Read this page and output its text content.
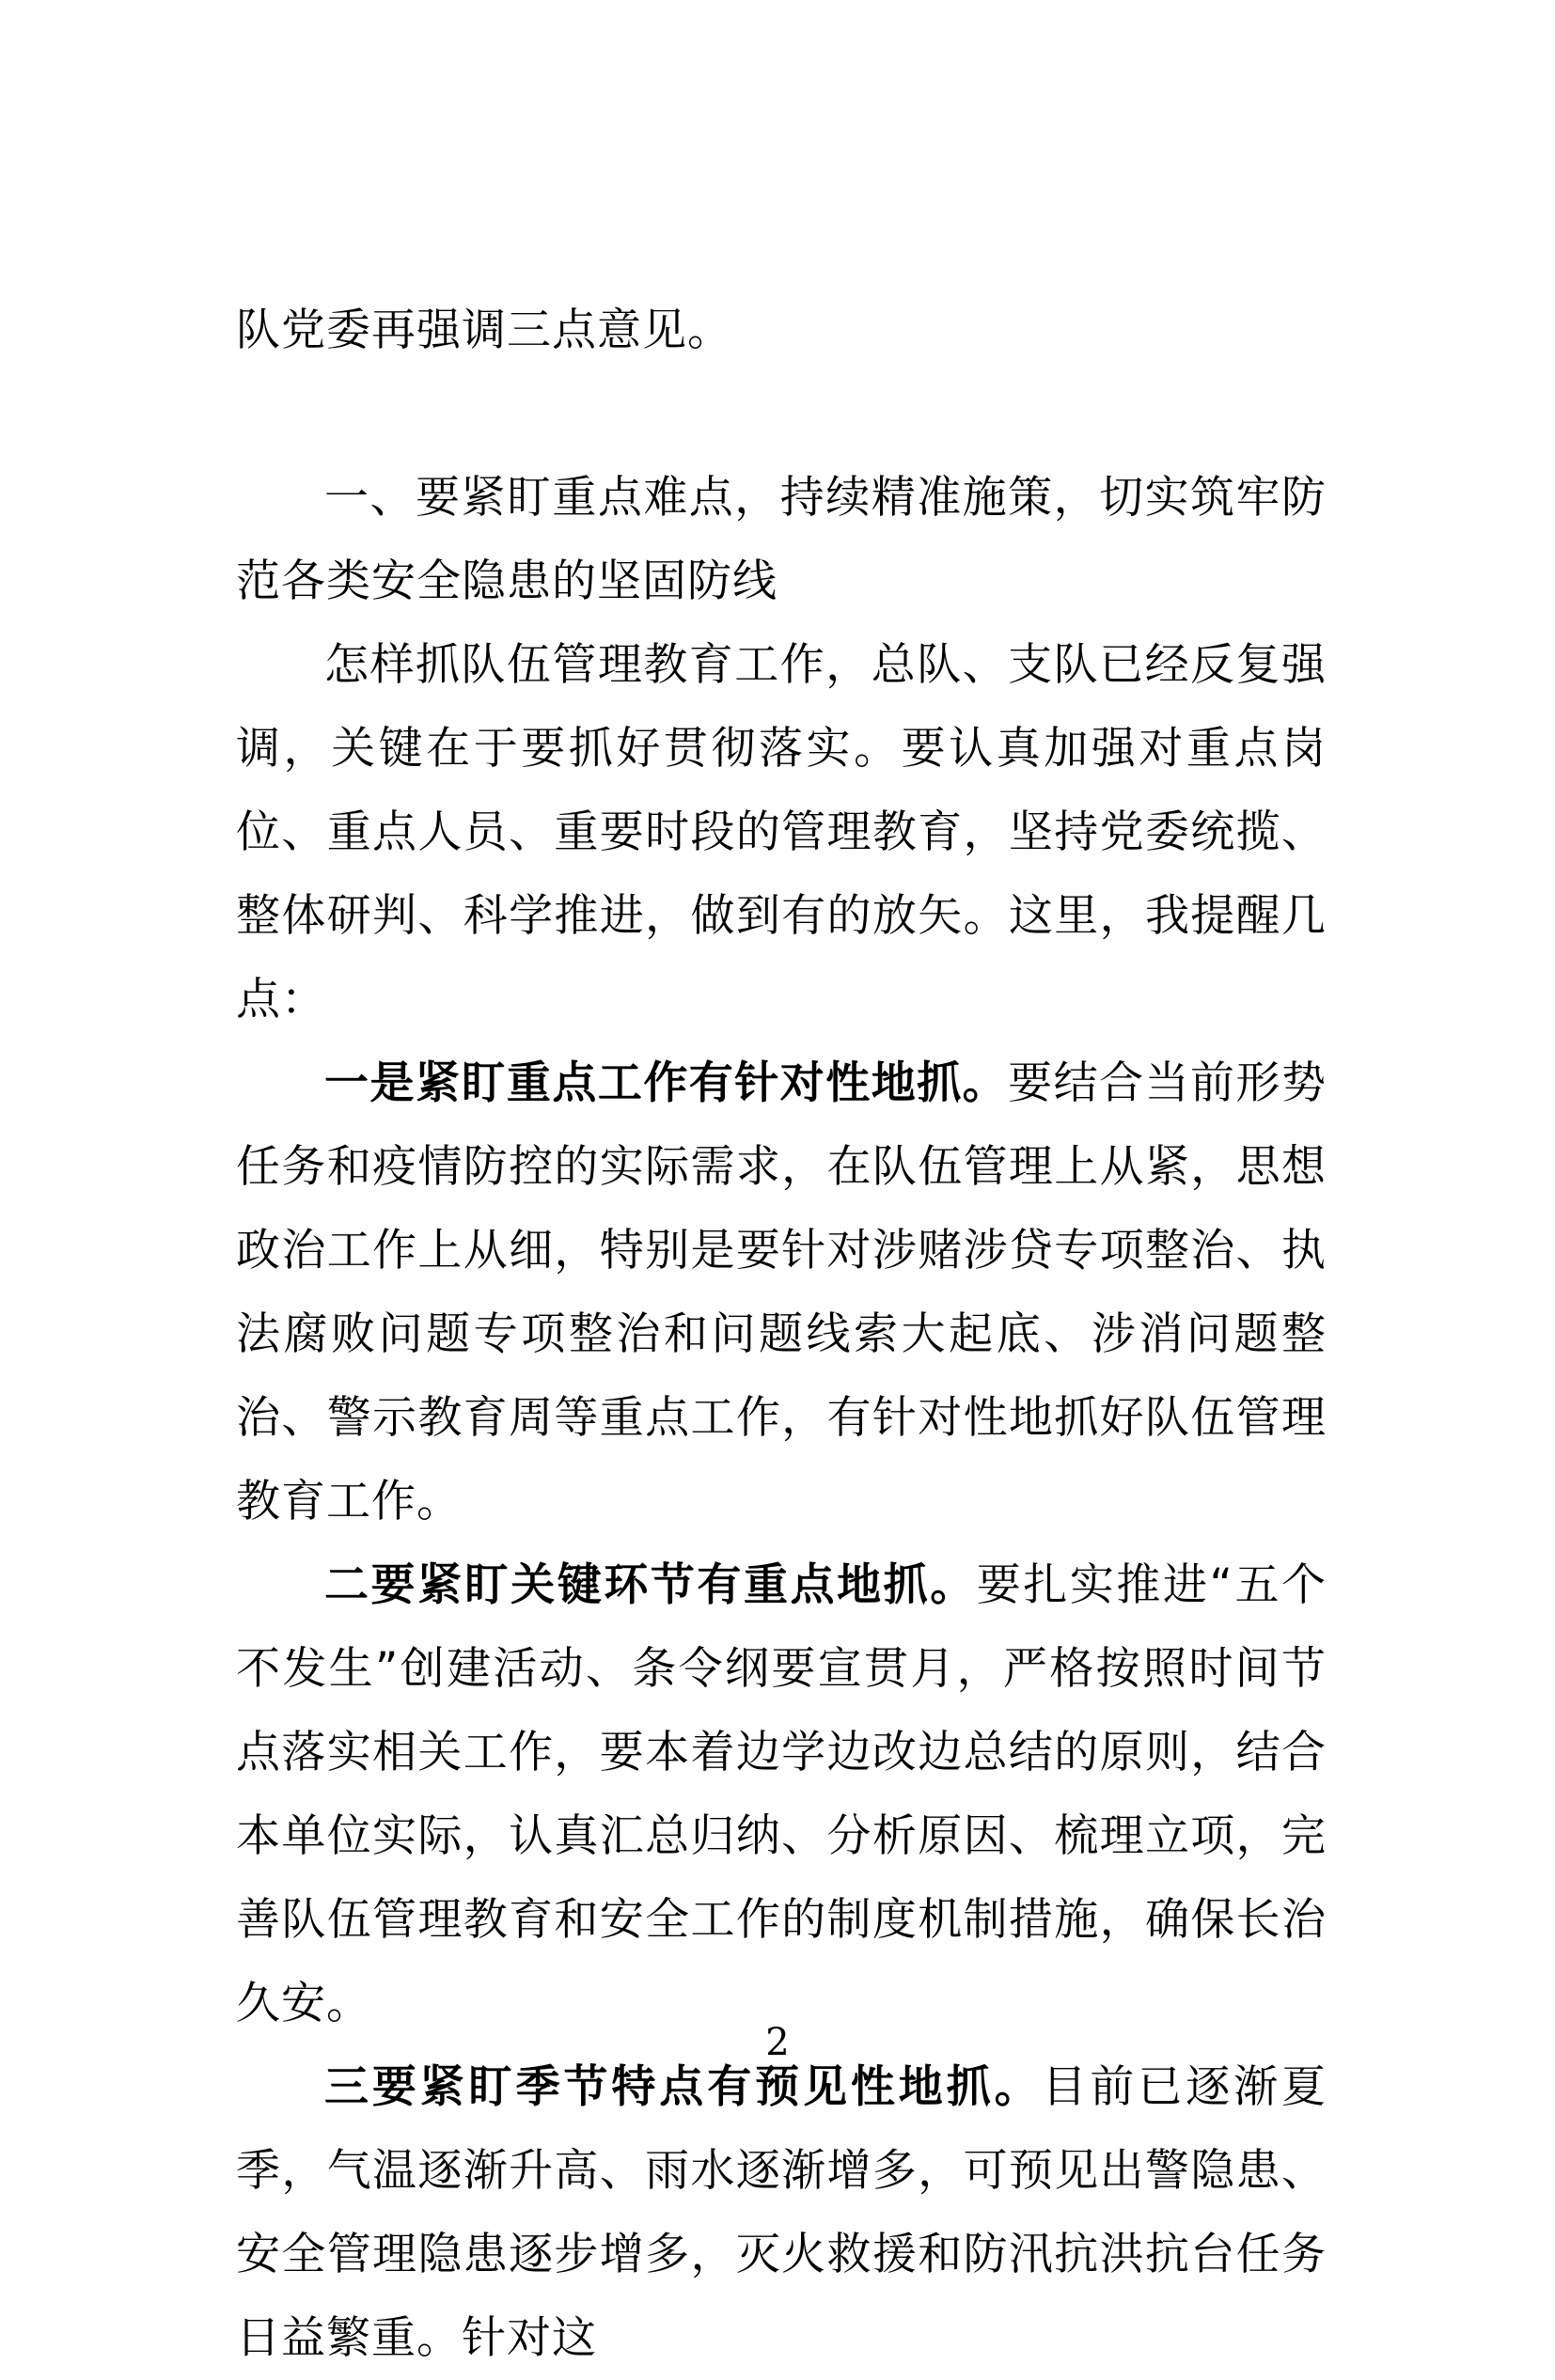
队党委再强调三点意见。

一、要紧盯重点难点，持续精准施策，切实筑牢防范各类安全隐患的坚固防线

怎样抓队伍管理教育工作，总队、支队已经反复强调，关键在于要抓好贯彻落实。要认真加强对重点岗位、重点人员、重要时段的管理教育，坚持党委统揽、整体研判、科学推进，做到有的放矢。这里，我提醒几点：

一是紧盯重点工作有针对性地抓。要结合当前形势任务和疫情防控的实际需求，在队伍管理上从紧，思想政治工作上从细，特别是要针对涉赌涉贷专项整治、执法腐败问题专项整治和问题线索大起底、涉消问题整治、警示教育周等重点工作，有针对性地抓好队伍管理教育工作。

二要紧盯关键环节有重点地抓。要扎实推进“五个不发生”创建活动、条令纲要宣贯月，严格按照时间节点落实相关工作，要本着边学边改边总结的原则，结合本单位实际，认真汇总归纳、分析原因、梳理立项，完善队伍管理教育和安全工作的制度机制措施，确保长治久安。

三要紧盯季节特点有预见性地抓。目前已逐渐夏季，气温逐渐升高、雨水逐渐增多，可预见出警隐患、安全管理隐患逐步增多，灭火救援和防汛抗洪抗台任务日益繁重。针对这

2
